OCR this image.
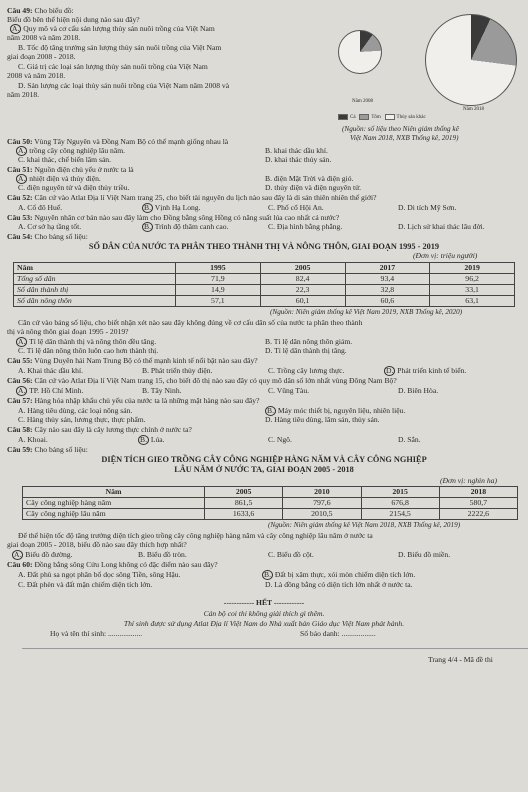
Câu 49: Cho biểu đồ:
Biểu đồ bên thể hiện nội dung nào sau đây?
A. Quy mô và cơ cấu sản lượng thủy sản nuôi trồng của Việt Nam
năm 2008 và năm 2018.
B. Tốc độ tăng trưởng sản lượng thủy sản nuôi trồng của Việt Nam
giai đoạn 2008 - 2018.
C. Giá trị các loại sản lượng thủy sản nuôi trồng của Việt Nam
2008 và năm 2018.
D. Sản lượng các loại thủy sản nuôi trồng của Việt Nam năm 2008 và
năm 2018.
Năm 2008
Năm 2018
Cá	Tôm	Thủy sản khác
(Nguồn: số liệu theo Niên giám thống kê
Việt Nam 2018, NXB Thống kê, 2019)
Câu 50: Vùng Tây Nguyên và Đồng Nam Bộ có thế mạnh giống nhau là
A. trồng cây công nghiệp lâu năm.	B. khai thác dầu khí.
C. khai thác, chế biến lâm sản.	D. khai thác thủy sản.
Câu 51: Nguồn điện chủ yếu ở nước ta là
A. nhiệt điện và thủy điện.	B. điện Mặt Trời và điện gió.
C. điện nguyên tử và điện thủy triều.	D. thủy điện và điện nguyên tử.
Câu 52: Căn cứ vào Atlat Địa lí Việt Nam trang 25, cho biết tài nguyên du lịch nào sau đây là di sản thiên nhiên thế giới?
A. Cố đô Huế.	B. Vịnh Hạ Long.	C. Phố cổ Hội An.	D. Di tích Mỹ Sơn.
Câu 53: Nguyên nhân cơ bản nào sau đây làm cho Đồng bằng sông Hồng có năng suất lúa cao nhất cả nước?
A. Cơ sở hạ tầng tốt.	B. Trình độ thâm canh cao.	C. Địa hình bằng phẳng.	D. Lịch sử khai thác lâu đời.
Câu 54: Cho bảng số liệu:
SỐ DÂN CỦA NƯỚC TA PHÂN THEO THÀNH THỊ VÀ NÔNG THÔN, GIAI ĐOẠN 1995 - 2019
(Đơn vị: triệu người)
Năm	1995	2005	2017	2019
Tổng số dân	71,9	82,4	93,4	96,2
Số dân thành thị	14,9	22,3	32,8	33,1
Số dân nông thôn	57,1	60,1	60,6	63,1
(Nguồn: Niên giám thống kê Việt Nam 2019, NXB Thống kê, 2020)
Căn cứ vào bảng số liệu, cho biết nhận xét nào sau đây không đúng về cơ cấu dân số của nước ta phân theo thành
thị và nông thôn giai đoạn 1995 - 2019?
A. Tỉ lệ dân thành thị và nông thôn đều tăng.	B. Tỉ lệ dân nông thôn giảm.
C. Tỉ lệ dân nông thôn luôn cao hơn thành thị.	D. Tỉ lệ dân thành thị tăng.
Câu 55: Vùng Duyên hải Nam Trung Bộ có thế mạnh kinh tế nổi bật nào sau đây?
A. Khai thác dầu khí.	B. Phát triển thủy điện.	C. Trồng cây lương thực.	D. Phát triển kinh tế biển.
Câu 56: Căn cứ vào Atlat Địa lí Việt Nam trang 15, cho biết đô thị nào sau đây có quy mô dân số lớn nhất vùng Đông Nam Bộ?
A. TP. Hồ Chí Minh.	B. Tây Ninh.	C. Vũng Tàu.	D. Biên Hòa.
Câu 57: Hàng hóa nhập khẩu chủ yếu của nước ta là những mặt hàng nào sau đây?
A. Hàng tiêu dùng, các loại nông sản.	B. Máy móc thiết bị, nguyên liệu, nhiên liệu.
C. Hàng thủy sản, lương thực, thực phẩm.	D. Hàng tiêu dùng, lâm sản, thủy sản.
Câu 58: Cây nào sau đây là cây lương thực chính ở nước ta?
A. Khoai.	B. Lúa.	C. Ngô.	D. Sắn.
Câu 59: Cho bảng số liệu:
DIỆN TÍCH GIEO TRỒNG CÂY CÔNG NGHIỆP HÀNG NĂM VÀ CÂY CÔNG NGHIỆP
LÂU NĂM Ở NƯỚC TA, GIAI ĐOẠN 2005 - 2018
(Đơn vị: nghìn ha)
Năm	2005	2010	2015	2018
Cây công nghiệp hàng năm	861,5	797,6	676,8	580,7
Cây công nghiệp lâu năm	1633,6	2010,5	2154,5	2222,6
(Nguồn: Niên giám thống kê Việt Nam 2018, NXB Thống kê, 2019)
Để thể hiện tốc độ tăng trưởng diện tích gieo trồng cây công nghiệp hàng năm và cây công nghiệp lâu năm ở nước ta
giai đoạn 2005 - 2018, biểu đồ nào sau đây thích hợp nhất?
A. Biểu đồ đường.	B. Biểu đồ tròn.	C. Biểu đồ cột.	D. Biểu đồ miền.
Câu 60: Đồng bằng sông Cửu Long không có đặc điểm nào sau đây?
A. Đất phù sa ngọt phân bố dọc sông Tiền, sông Hậu.	B. Đất bị xâm thực, xói mòn chiếm diện tích lớn.
C. Đất phèn và đất mặn chiếm diện tích lớn.	D. Là đồng bằng có diện tích lớn nhất ở nước ta.
------------ HẾT ------------
Cán bộ coi thi không giải thích gì thêm.
Thí sinh được sử dụng Atlat Địa lí Việt Nam do Nhà xuất bản Giáo dục Việt Nam phát hành.
Họ và tên thí sinh: ..................	Số báo danh: ..................
Trang 4/4 - Mã đề thi
